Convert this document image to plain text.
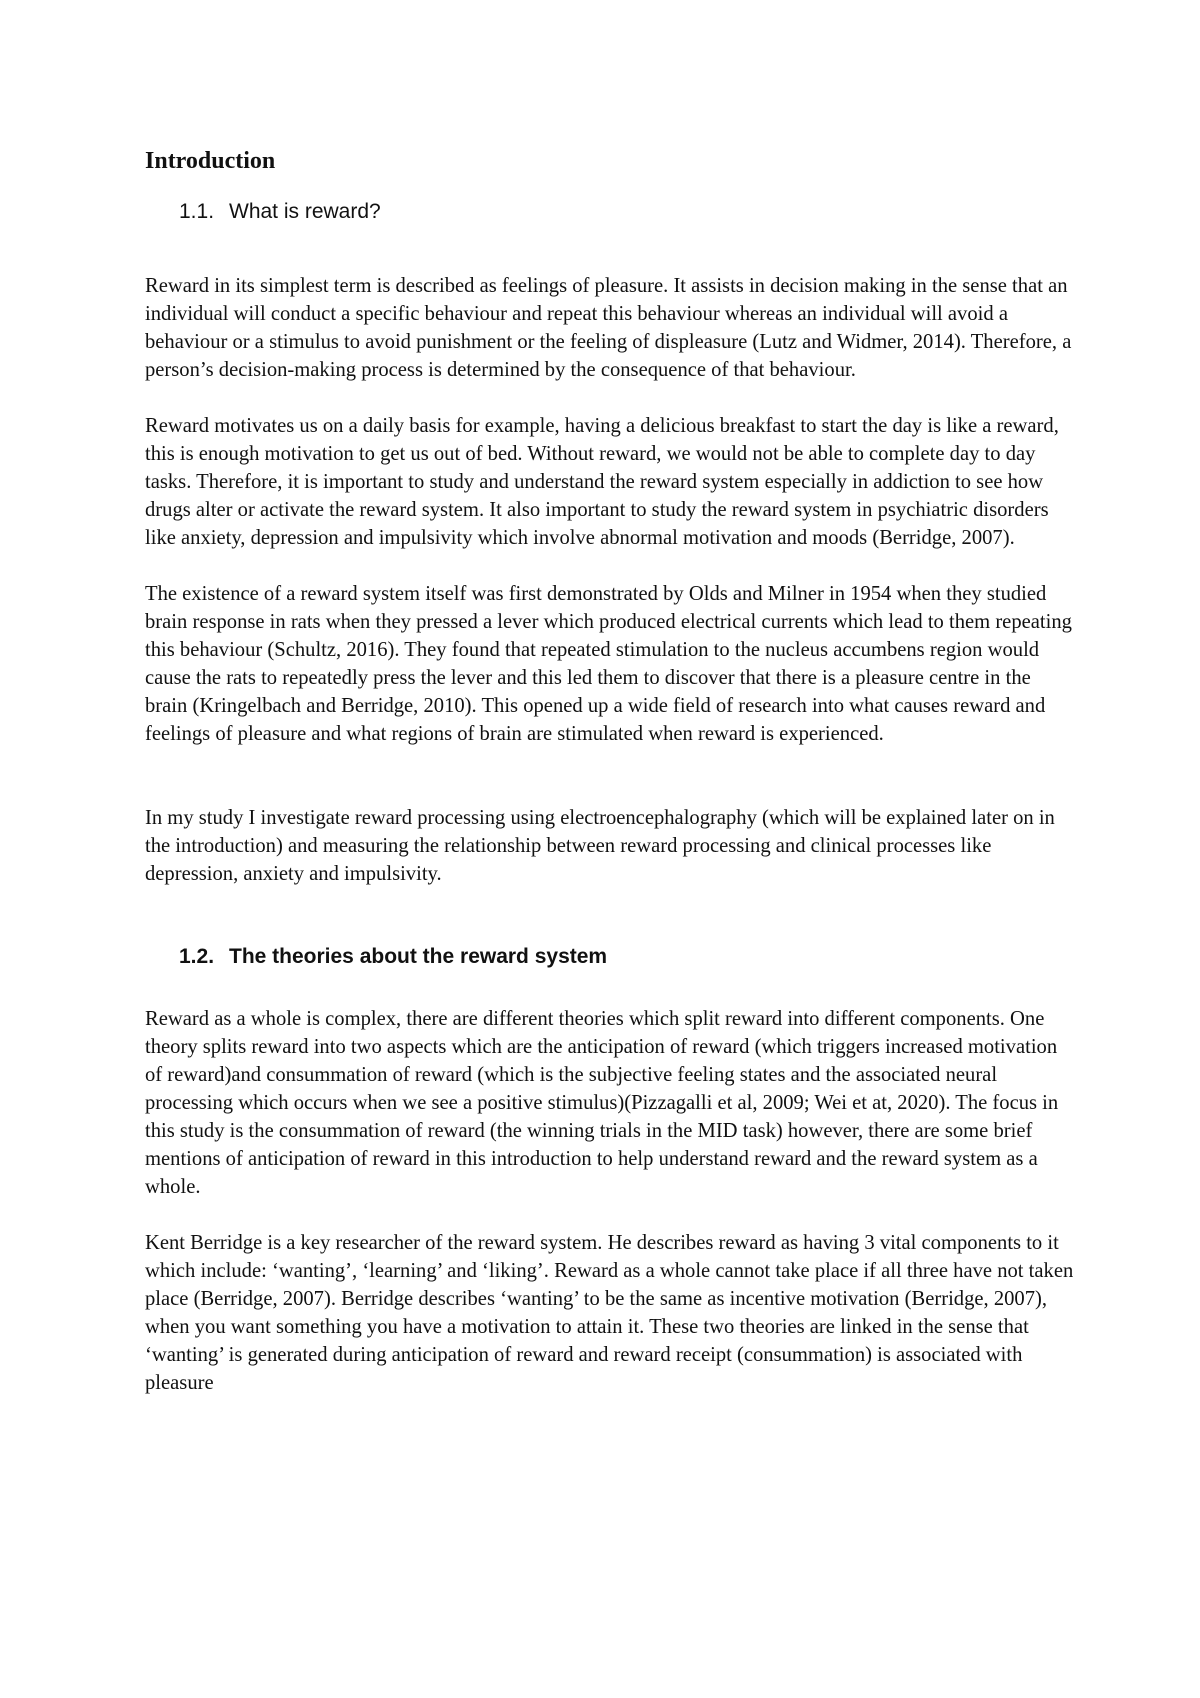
Introduction
1.1. What is reward?

Reward in its simplest term is described as feelings of pleasure. It assists in decision making in the sense that an individual will conduct a specific behaviour and repeat this behaviour whereas an individual will avoid a behaviour or a stimulus to avoid punishment or the feeling of displeasure (Lutz and Widmer, 2014). Therefore, a person’s decision-making process is determined by the consequence of that behaviour.

Reward motivates us on a daily basis for example, having a delicious breakfast to start the day is like a reward, this is enough motivation to get us out of bed. Without reward, we would not be able to complete day to day tasks. Therefore, it is important to study and understand the reward system especially in addiction to see how drugs alter or activate the reward system. It also important to study the reward system in psychiatric disorders like anxiety, depression and impulsivity which involve abnormal motivation and moods (Berridge, 2007).

The existence of a reward system itself was first demonstrated by Olds and Milner in 1954 when they studied brain response in rats when they pressed a lever which produced electrical currents which lead to them repeating this behaviour (Schultz, 2016). They found that repeated stimulation to the nucleus accumbens region would cause the rats to repeatedly press the lever and this led them to discover that there is a pleasure centre in the brain (Kringelbach and Berridge, 2010). This opened up a wide field of research into what causes reward and feelings of pleasure and what regions of brain are stimulated when reward is experienced.

In my study I investigate reward processing using electroencephalography (which will be explained later on in the introduction) and measuring the relationship between reward processing and clinical processes like depression, anxiety and impulsivity.

1.2. The theories about the reward system

Reward as a whole is complex, there are different theories which split reward into different components. One theory splits reward into two aspects which are the anticipation of reward (which triggers increased motivation of reward)and consummation of reward (which is the subjective feeling states and the associated neural processing which occurs when we see a positive stimulus)(Pizzagalli et al, 2009; Wei et at, 2020). The focus in this study is the consummation of reward (the winning trials in the MID task) however, there are some brief mentions of anticipation of reward in this introduction to help understand reward and the reward system as a whole.

Kent Berridge is a key researcher of the reward system. He describes reward as having 3 vital components to it which include: ‘wanting’, ‘learning’ and ‘liking’. Reward as a whole cannot take place if all three have not taken place (Berridge, 2007). Berridge describes ‘wanting’ to be the same as incentive motivation (Berridge, 2007), when you want something you have a motivation to attain it. These two theories are linked in the sense that ‘wanting’ is generated during anticipation of reward and reward receipt (consummation) is associated with pleasure
